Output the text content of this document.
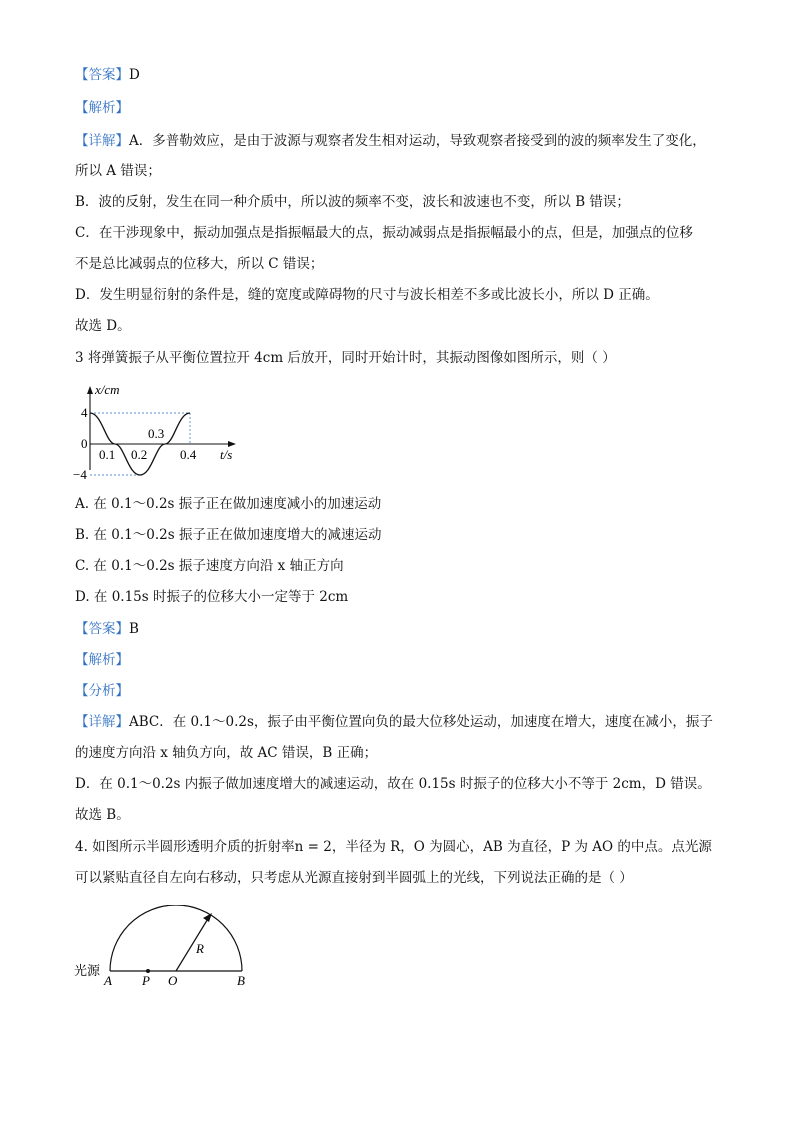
【答案】D
【解析】
【详解】A．多普勒效应，是由于波源与观察者发生相对运动，导致观察者接受到的波的频率发生了变化，
所以 A 错误；
B．波的反射，发生在同一种介质中，所以波的频率不变，波长和波速也不变，所以 B 错误；
C．在干涉现象中，振动加强点是指振幅最大的点，振动减弱点是指振幅最小的点，但是，加强点的位移
不是总比减弱点的位移大，所以 C 错误；
D．发生明显衍射的条件是，缝的宽度或障碍物的尺寸与波长相差不多或比波长小，所以 D 正确。
故选 D。
3 将弹簧振子从平衡位置拉开 4cm 后放开，同时开始计时，其振动图像如图所示，则（ ）
x/cm
4
0
−4
0.1 0.2
0.3
0.4 t/s
A. 在 0.1～0.2s 振子正在做加速度减小的加速运动
B. 在 0.1～0.2s 振子正在做加速度增大的减速运动
C. 在 0.1～0.2s 振子速度方向沿 x 轴正方向
D. 在 0.15s 时振子的位移大小一定等于 2cm
【答案】B
【解析】
【分析】
【详解】ABC．在 0.1～0.2s，振子由平衡位置向负的最大位移处运动，加速度在增大，速度在减小，振子
的速度方向沿 x 轴负方向，故 AC 错误，B 正确；
D．在 0.1～0.2s 内振子做加速度增大的减速运动，故在 0.15s 时振子的位移大小不等于 2cm，D 错误。
故选 B。
4. 如图所示半圆形透明介质的折射率n = 2，半径为 R，O 为圆心，AB 为直径，P 为 AO 的中点。点光源
可以紧贴直径自左向右移动，只考虑从光源直接射到半圆弧上的光线，下列说法正确的是（ ）
光源
A P O	B
R
